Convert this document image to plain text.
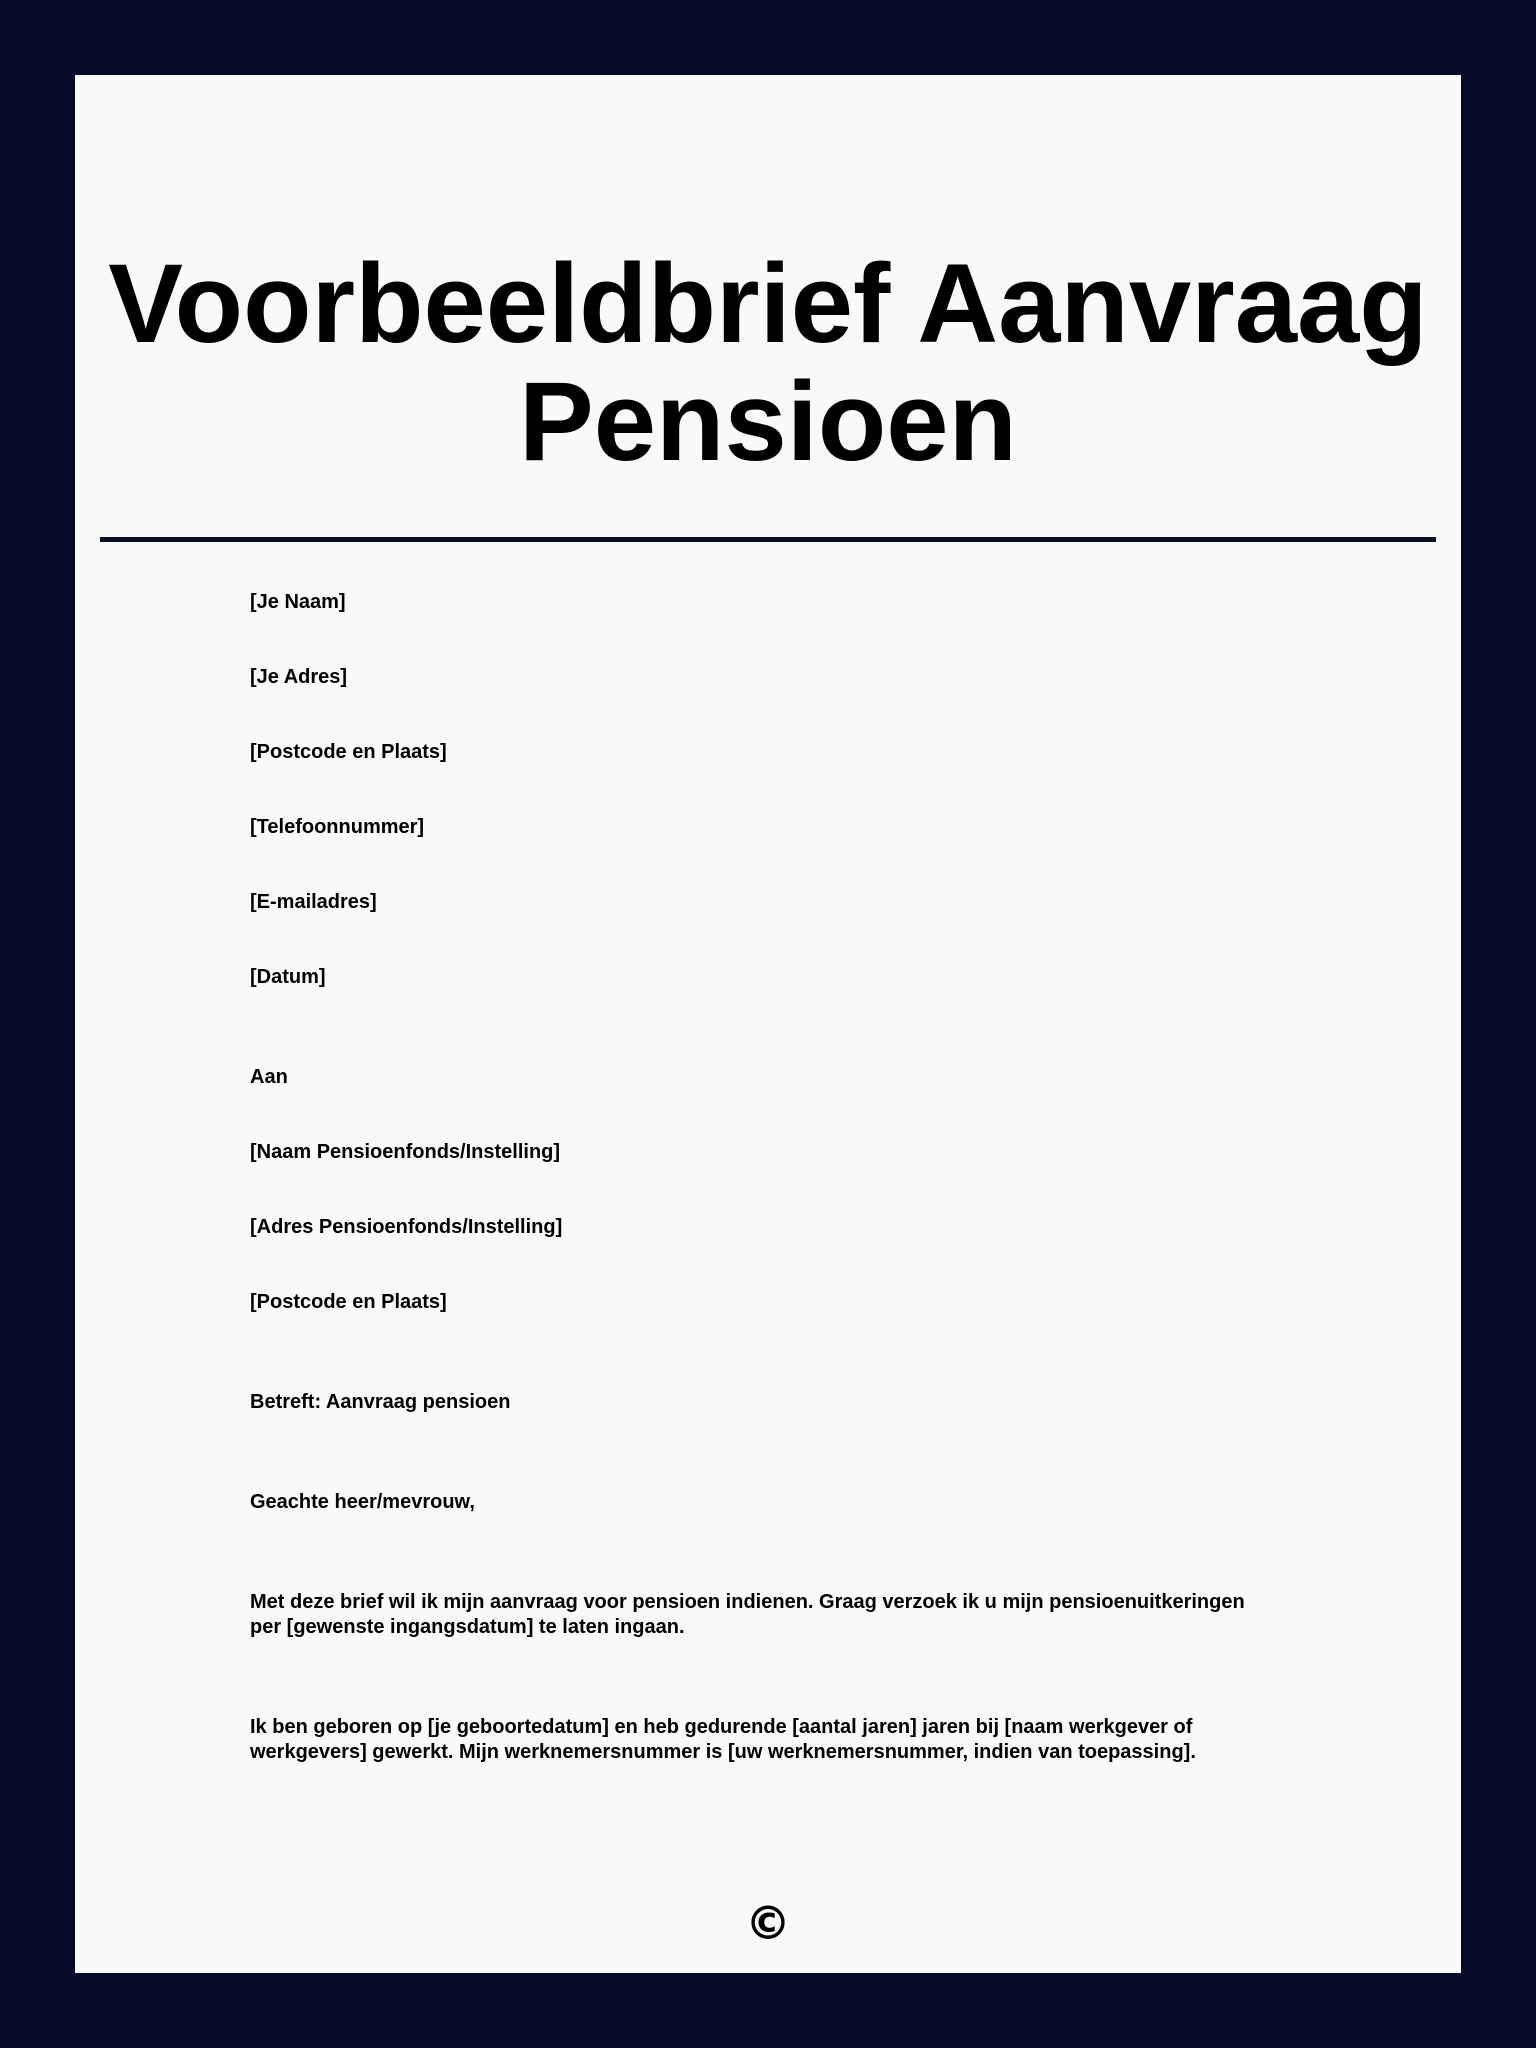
Voorbeeldbrief Aanvraag Pensioen

[Je Naam]

[Je Adres]

[Postcode en Plaats]

[Telefoonnummer]

[E-mailadres]

[Datum]

Aan

[Naam Pensioenfonds/Instelling]

[Adres Pensioenfonds/Instelling]

[Postcode en Plaats]

Betreft: Aanvraag pensioen

Geachte heer/mevrouw,

Met deze brief wil ik mijn aanvraag voor pensioen indienen. Graag verzoek ik u mijn pensioenuitkeringen per [gewenste ingangsdatum] te laten ingaan.

Ik ben geboren op [je geboortedatum] en heb gedurende [aantal jaren] jaren bij [naam werkgever of werkgevers] gewerkt. Mijn werknemersnummer is [uw werknemersnummer, indien van toepassing].

©
